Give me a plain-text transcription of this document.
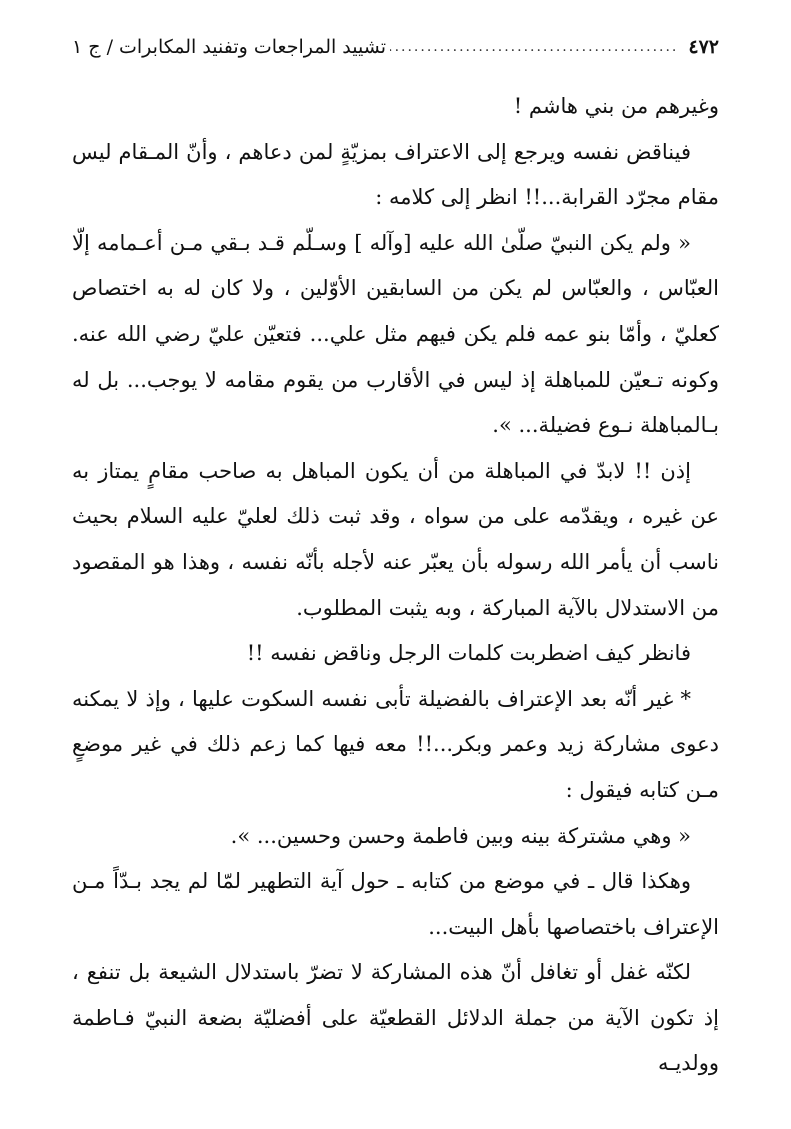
٤٧٢
.....
تشييد المراجعات وتفنيد المكابرات / ج ١

وغيرهم من بني هاشم !

فيناقض نفسه ويرجع إلى الاعتراف بمزيّةٍ لمن دعاهم ، وأنّ المـقام ليس مقام مجرّد القرابة...!! انظر إلى كلامه :

« ولم يكن النبيّ صلّىٰ الله عليه [وآله ] وسـلّم قـد بـقي مـن أعـمامه إلّا العبّاس ، والعبّاس لم يكن من السابقين الأوّلين ، ولا كان له به اختصاص كعليّ ، وأمّا بنو عمه فلم يكن فيهم مثل علي... فتعيّن عليّ رضي الله عنه. وكونه تـعيّن للمباهلة إذ ليس في الأقارب من يقوم مقامه لا يوجب... بل له بـالمباهلة نـوع فضيلة... ».

إذن !! لابدّ في المباهلة من أن يكون المباهل به صاحب مقامٍ يمتاز به عن غيره ، ويقدّمه على من سواه ، وقد ثبت ذلك لعليّ عليه السلام بحيث ناسب أن يأمر الله رسوله بأن يعبّر عنه لأجله بأنّه نفسه ، وهذا هو المقصود من الاستدلال بالآية المباركة ، وبه يثبت المطلوب.

فانظر كيف اضطربت كلمات الرجل وناقض نفسه !!

* غير أنّه بعد الإعتراف بالفضيلة تأبى نفسه السكوت عليها ، وإذ لا يمكنه دعوى مشاركة زيد وعمر وبكر...!! معه فيها كما زعم ذلك في غير موضعٍ مـن كتابه فيقول :

« وهي مشتركة بينه وبين فاطمة وحسن وحسين... ».

وهكذا قال ـ في موضع من كتابه ـ حول آية التطهير لمّا لم يجد بـدّاً مـن الإعتراف باختصاصها بأهل البيت...

لكنّه غفل أو تغافل أنّ هذه المشاركة لا تضرّ باستدلال الشيعة بل تنفع ، إذ تكون الآية من جملة الدلائل القطعيّة على أفضليّة بضعة النبيّ فـاطمة وولديـه
